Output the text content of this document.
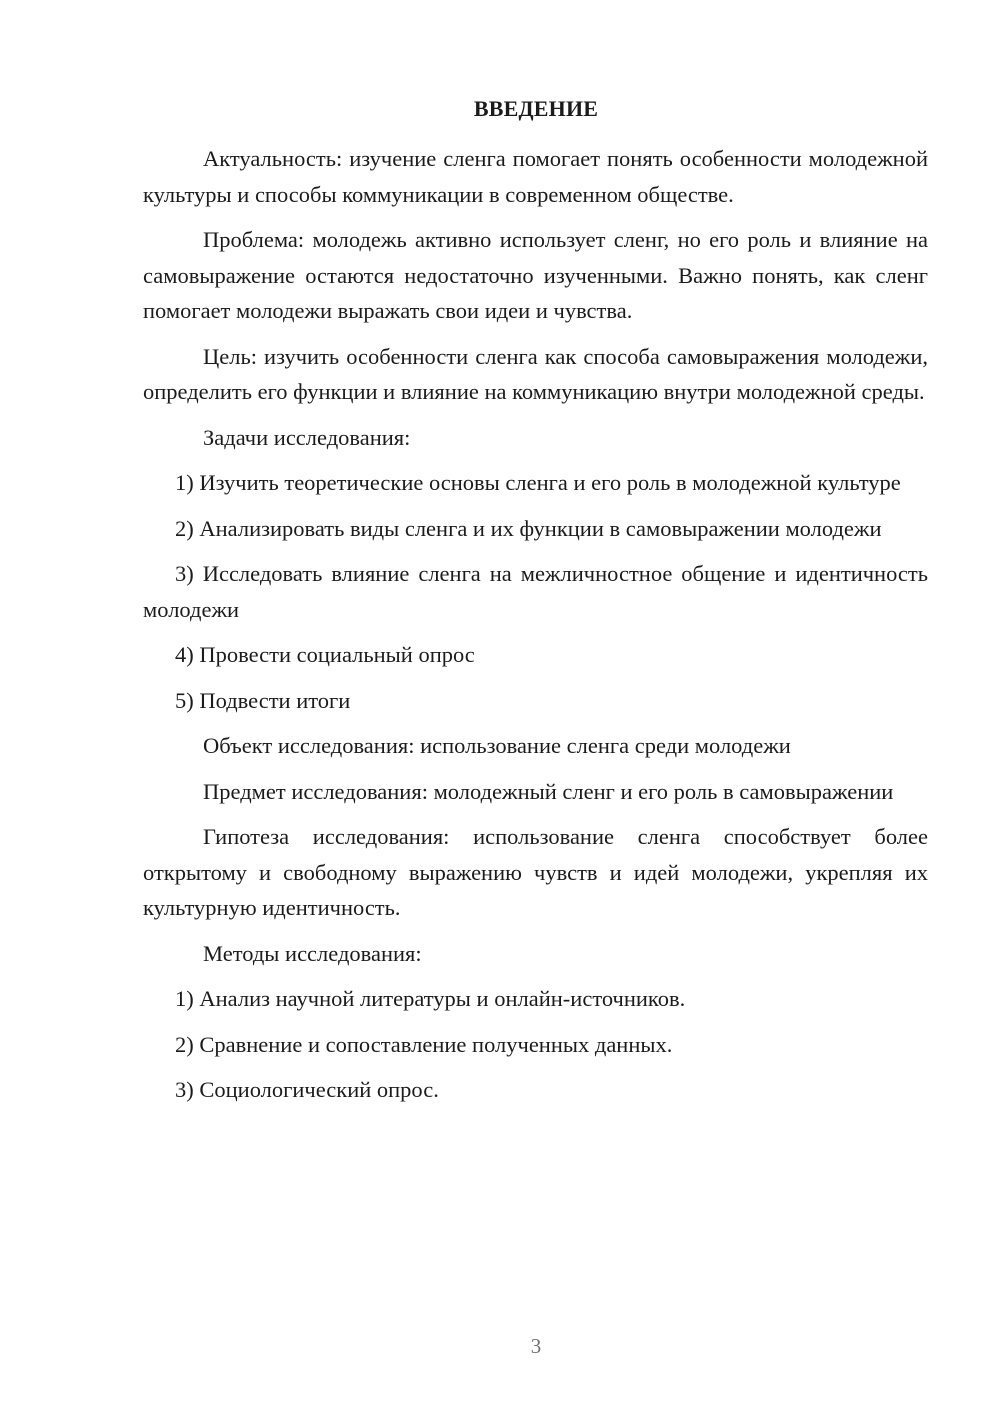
ВВЕДЕНИЕ

Актуальность: изучение сленга помогает понять особенности молодежной культуры и способы коммуникации в современном обществе.

Проблема: молодежь активно использует сленг, но его роль и влияние на самовыражение остаются недостаточно изученными. Важно понять, как сленг помогает молодежи выражать свои идеи и чувства.

Цель: изучить особенности сленга как способа самовыражения молодежи, определить его функции и влияние на коммуникацию внутри молодежной среды.

Задачи исследования:

1) Изучить теоретические основы сленга и его роль в молодежной культуре

2) Анализировать виды сленга и их функции в самовыражении молодежи

3) Исследовать влияние сленга на межличностное общение и идентичность молодежи

4) Провести социальный опрос

5) Подвести итоги

Объект исследования: использование сленга среди молодежи

Предмет исследования: молодежный сленг и его роль в самовыражении

Гипотеза исследования: использование сленга способствует более открытому и свободному выражению чувств и идей молодежи, укрепляя их культурную идентичность.

Методы исследования:

1) Анализ научной литературы и онлайн-источников.

2) Сравнение и сопоставление полученных данных.

3) Социологический опрос.

3
